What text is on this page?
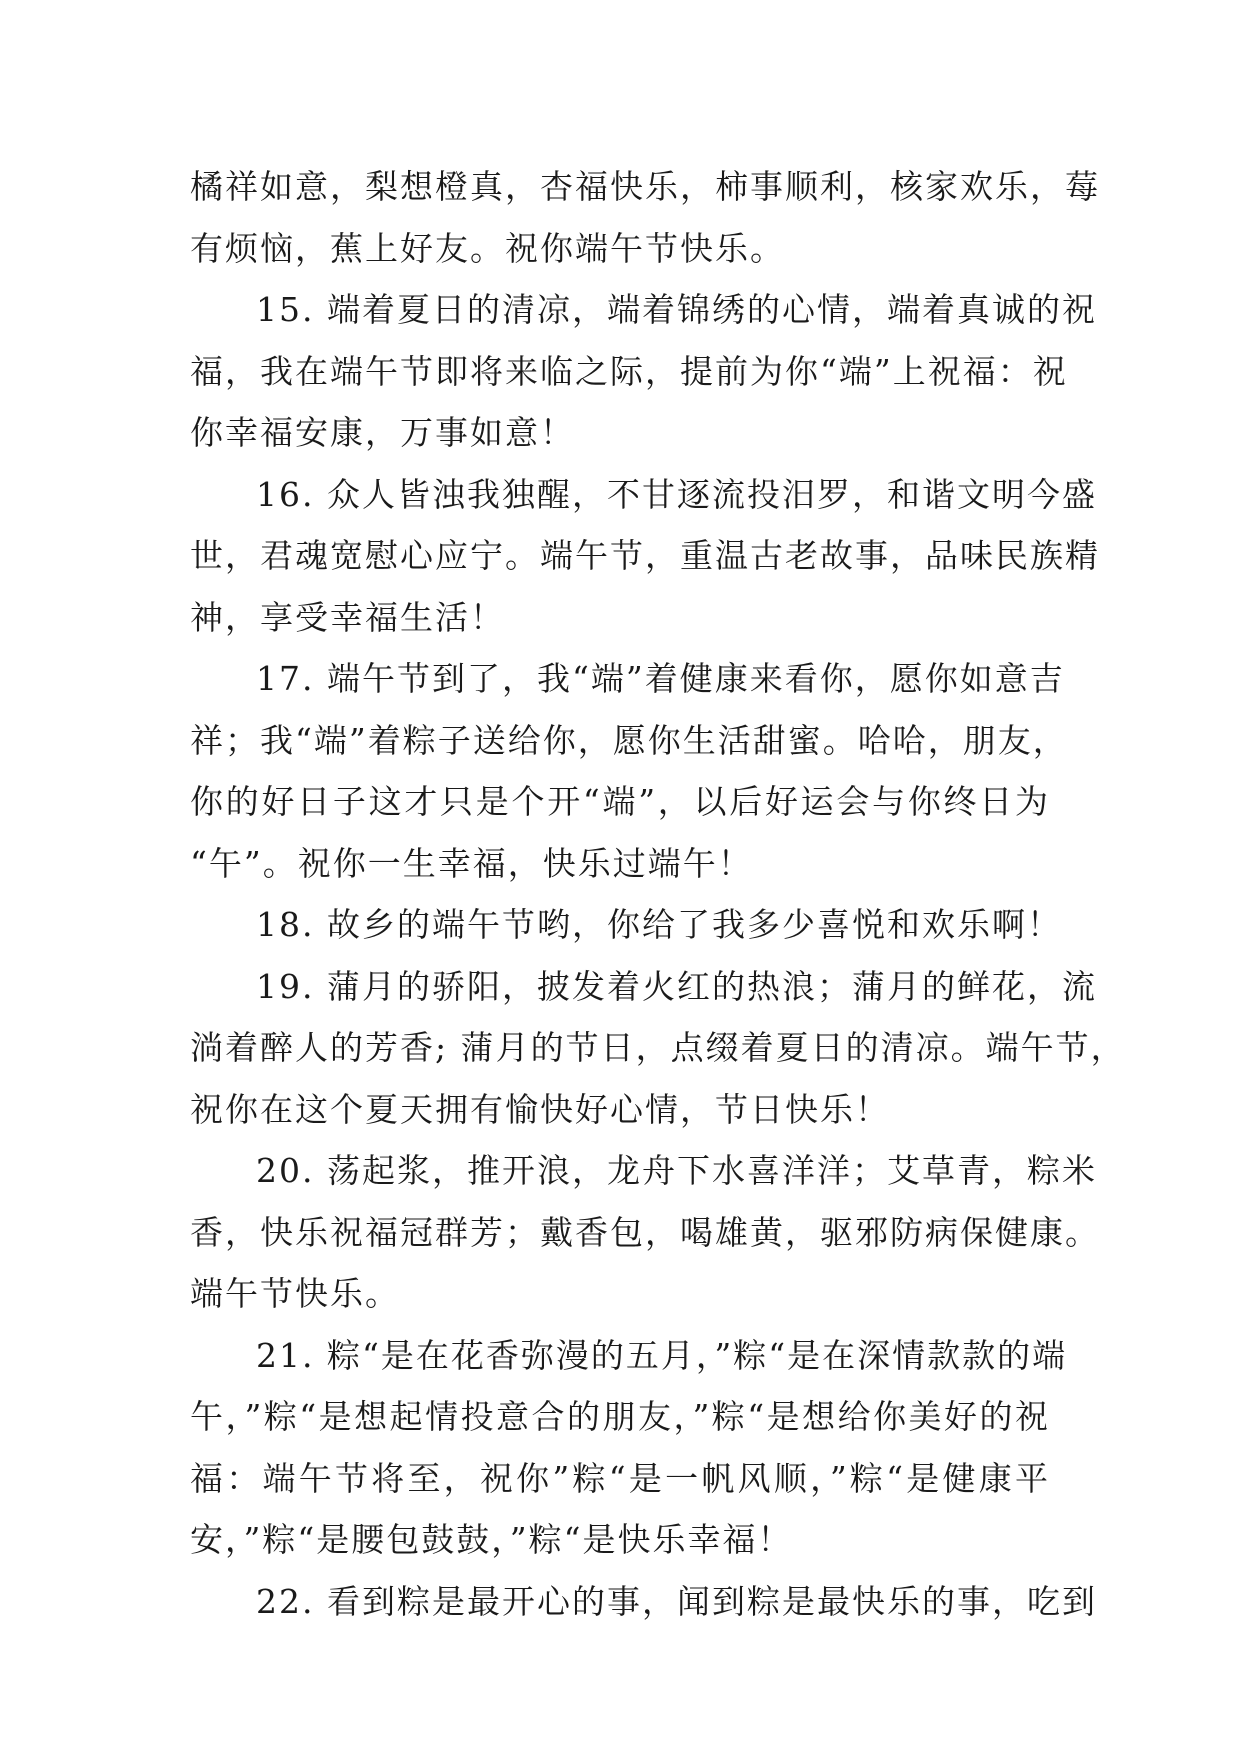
橘祥如意，梨想橙真，杏福快乐，柿事顺利，核家欢乐，莓
有烦恼，蕉上好友。祝你端午节快乐。
15. 端着夏日的清凉，端着锦绣的心情，端着真诚的祝
福，我在端午节即将来临之际，提前为你“端”上祝福：祝
你幸福安康，万事如意！
16. 众人皆浊我独醒，不甘逐流投汨罗，和谐文明今盛
世，君魂宽慰心应宁。端午节，重温古老故事，品味民族精
神，享受幸福生活！
17. 端午节到了，我“端”着健康来看你，愿你如意吉
祥；我“端”着粽子送给你，愿你生活甜蜜。哈哈，朋友，
你的好日子这才只是个开“端”，以后好运会与你终日为
“午”。祝你一生幸福，快乐过端午！
18. 故乡的端午节哟，你给了我多少喜悦和欢乐啊！
19. 蒲月的骄阳，披发着火红的热浪；蒲月的鲜花，流
淌着醉人的芳香; 蒲月的节日，点缀着夏日的清凉。端午节，
祝你在这个夏天拥有愉快好心情，节日快乐！
20. 荡起浆，推开浪，龙舟下水喜洋洋；艾草青，粽米
香，快乐祝福冠群芳；戴香包，喝雄黄，驱邪防病保健康。
端午节快乐。
21. 粽“是在花香弥漫的五月，”粽“是在深情款款的端
午，”粽“是想起情投意合的朋友，”粽“是想给你美好的祝
福：端午节将至，祝你”粽“是一帆风顺，”粽“是健康平
安，”粽“是腰包鼓鼓，”粽“是快乐幸福！
22. 看到粽是最开心的事，闻到粽是最快乐的事，吃到
